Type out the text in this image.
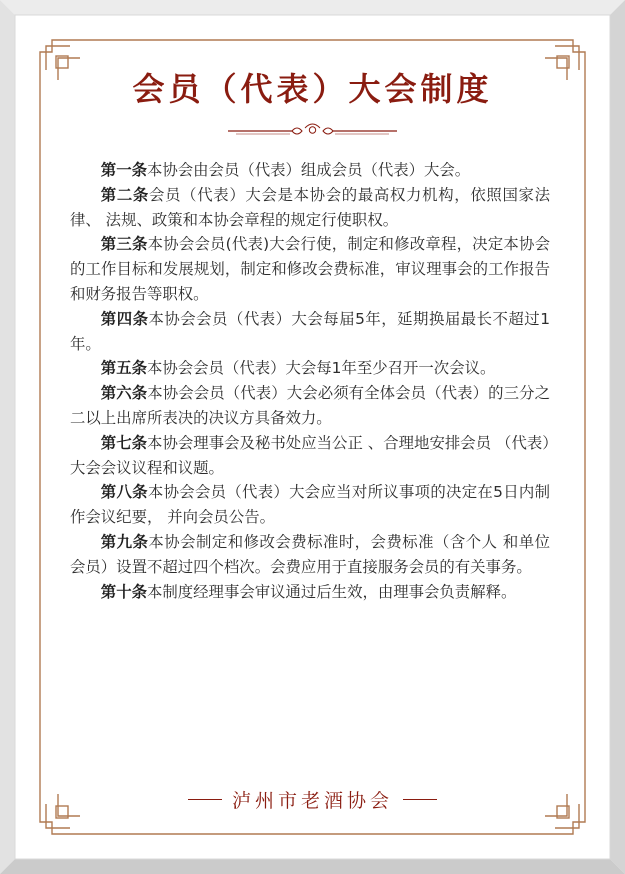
会员（代表）大会制度

第一条本协会由会员（代表）组成会员（代表）大会。

第二条会员（代表）大会是本协会的最高权力机构，依照国家法律、 法规、政策和本协会章程的规定行使职权。

第三条本协会会员(代表)大会行使，制定和修改章程，决定本协会的工作目标和发展规划，制定和修改会费标准，审议理事会的工作报告和财务报告等职权。

第四条本协会会员（代表）大会每届5年，延期换届最长不超过1年。

第五条本协会会员（代表）大会每1年至少召开一次会议。

第六条本协会会员（代表）大会必须有全体会员（代表）的三分之二以上出席所表决的决议方具备效力。

第七条本协会理事会及秘书处应当公正 、合理地安排会员 （代表）大会会议议程和议题。

第八条本协会会员（代表）大会应当对所议事项的决定在5日内制作会议纪要， 并向会员公告。

第九条本协会制定和修改会费标准时，会费标准（含个人 和单位会员）设置不超过四个档次。会费应用于直接服务会员的有关事务。

第十条本制度经理事会审议通过后生效，由理事会负责解释。

泸州市老酒协会
